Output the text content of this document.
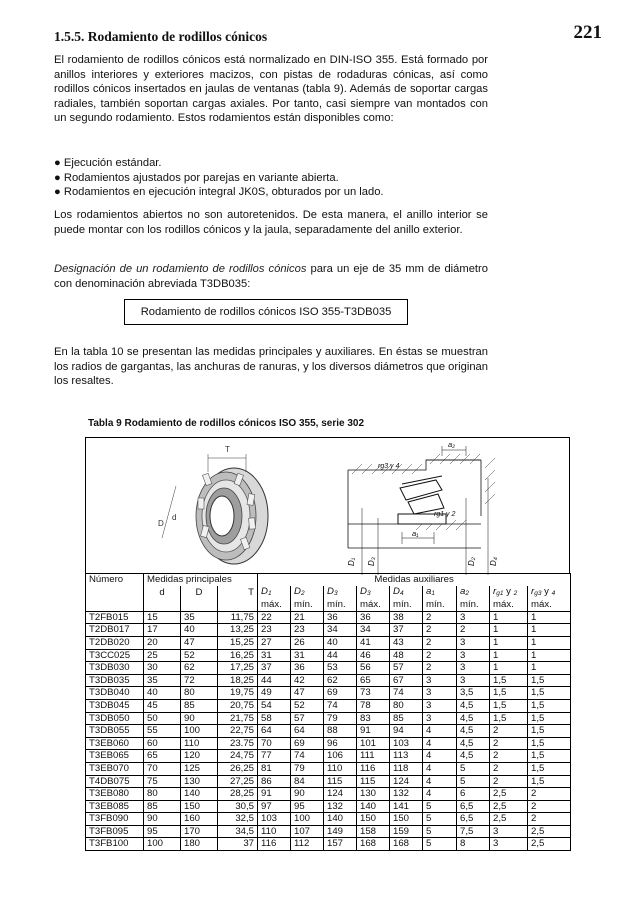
1.5.5. Rodamiento de rodillos cónicos	221
El rodamiento de rodillos cónicos está normalizado en DIN-ISO 355. Está formado por anillos interiores y exteriores macizos, con pistas de rodaduras cónicas, así como rodillos cónicos insertados en jaulas de ventanas (tabla 9). Además de soportar cargas radiales, también soportan cargas axiales. Por tanto, casi siempre van montados con un segundo rodamiento. Estos rodamientos están disponibles como:
● Ejecución estándar.
● Rodamientos ajustados por parejas en variante abierta.
● Rodamientos en ejecución integral JK0S, obturados por un lado.
Los rodamientos abiertos no son autoretenidos. De esta manera, el anillo interior se puede montar con los rodillos cónicos y la jaula, separadamente del anillo exterior.
Designación de un rodamiento de rodillos cónicos para un eje de 35 mm de diámetro con denominación abreviada T3DB035:
Rodamiento de rodillos cónicos ISO 355-T3DB035
En la tabla 10 se presentan las medidas principales y auxiliares. En éstas se muestran los radios de gargantas, las anchuras de ranuras, y los diversos diámetros que originan los resaltes.
Tabla 9 Rodamiento de rodillos cónicos ISO 355, serie 302
T
D
d
a₂
rg3 y 4
a₁
rg1 y 2
D₁ D₃	D₂ D₄
Número	Medidas principales			Medidas auxiliares								
	d	D	T	$D_1$	$D_2$	$D_3$	$D_3$	$D_4$	$a_1$	$a_2$	$r_{g1}$ y $_2$	$r_{g3}$ y $_4$
				máx.	mín.	mín.	máx.	mín.	mín.	mín.	máx.	máx.
T2FB015	15	35	11,75	22	21	36	36	38	2	3	1	1
T2DB017	17	40	13,25	23	23	34	34	37	2	2	1	1
T2DB020	20	47	15,25	27	26	40	41	43	2	3	1	1
T3CC025	25	52	16,25	31	31	44	46	48	2	3	1	1
T3DB030	30	62	17,25	37	36	53	56	57	2	3	1	1
T3DB035	35	72	18,25	44	42	62	65	67	3	3	1,5	1,5
T3DB040	40	80	19,75	49	47	69	73	74	3	3,5	1,5	1,5
T3DB045	45	85	20,75	54	52	74	78	80	3	4,5	1,5	1,5
T3DB050	50	90	21,75	58	57	79	83	85	3	4,5	1,5	1,5
T3DB055	55	100	22,75	64	64	88	91	94	4	4,5	2	1,5
T3EB060	60	110	23.75	70	69	96	101	103	4	4,5	2	1,5
T3EB065	65	120	24,75	77	74	106	111	113	4	4,5	2	1,5
T3EB070	70	125	26,25	81	79	110	116	118	4	5	2	1,5
T4DB075	75	130	27,25	86	84	115	115	124	4	5	2	1,5
T3EB080	80	140	28,25	91	90	124	130	132	4	6	2,5	2
T3EB085	85	150	30,5	97	95	132	140	141	5	6,5	2,5	2
T3FB090	90	160	32,5	103	100	140	150	150	5	6,5	2,5	2
T3FB095	95	170	34,5	110	107	149	158	159	5	7,5	3	2,5
T3FB100	100	180	37	116	112	157	168	168	5	8	3	2,5
